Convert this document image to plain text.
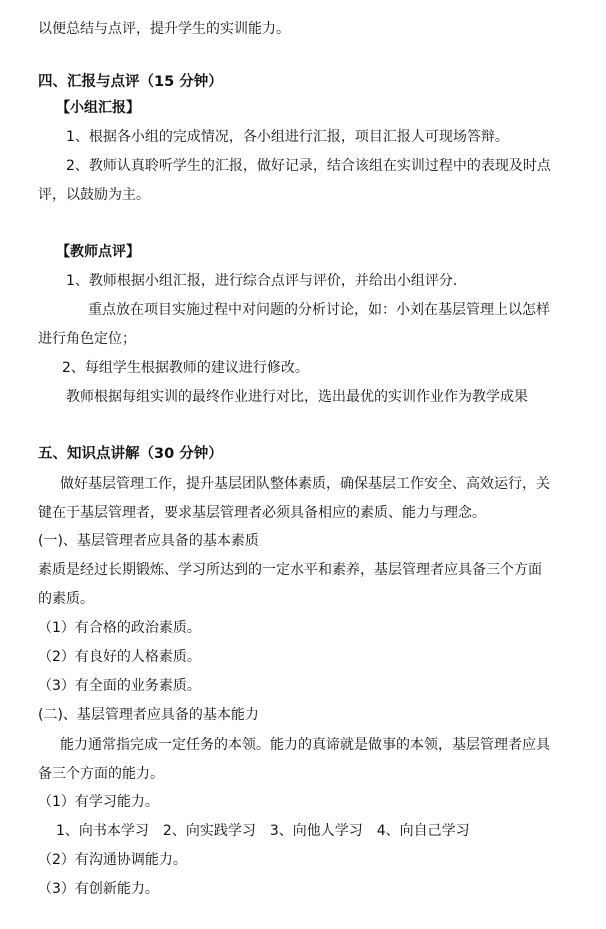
以便总结与点评，提升学生的实训能力。
四、汇报与点评（15 分钟）
【小组汇报】
1、根据各小组的完成情况，各小组进行汇报，项目汇报人可现场答辩。
2、教师认真聆听学生的汇报，做好记录，结合该组在实训过程中的表现及时点
评，以鼓励为主。
【教师点评】
1、教师根据小组汇报，进行综合点评与评价，并给出小组评分.
重点放在项目实施过程中对问题的分析讨论，如：小刘在基层管理上以怎样
进行角色定位；
2、每组学生根据教师的建议进行修改。
教师根据每组实训的最终作业进行对比，选出最优的实训作业作为教学成果
五、知识点讲解（30 分钟）
做好基层管理工作，提升基层团队整体素质，确保基层工作安全、高效运行，关
键在于基层管理者，要求基层管理者必须具备相应的素质、能力与理念。
(一)、基层管理者应具备的基本素质
素质是经过长期锻炼、学习所达到的一定水平和素养，基层管理者应具备三个方面
的素质。
（1）有合格的政治素质。
（2）有良好的人格素质。
（3）有全面的业务素质。
(二)、基层管理者应具备的基本能力
能力通常指完成一定任务的本领。能力的真谛就是做事的本领，基层管理者应具
备三个方面的能力。
（1）有学习能力。
1、向书本学习　2、向实践学习　3、向他人学习　4、向自己学习
（2）有沟通协调能力。
（3）有创新能力。
